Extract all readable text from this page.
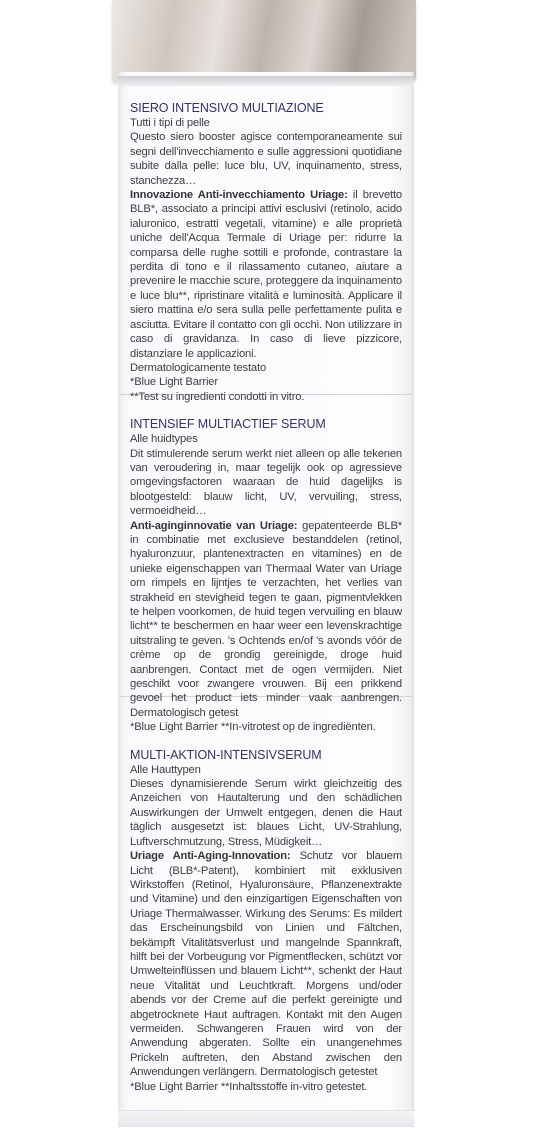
SIERO INTENSIVO MULTIAZIONE

Tutti i tipi di pelle

Questo siero booster agisce contemporaneamente sui segni dell'invecchiamento e sulle aggressioni quotidiane subite dalla pelle: luce blu, UV, inquinamento, stress, stanchezza…

Innovazione Anti-invecchiamento Uriage: il brevetto BLB*, associato a principi attivi esclusivi (retinolo, acido ialuronico, estratti vegetali, vitamine) e alle proprietà uniche dell'Acqua Termale di Uriage per: ridurre la comparsa delle rughe sottili e profonde, contrastare la perdita di tono e il rilassamento cutaneo, aiutare a prevenire le macchie scure, proteggere da inquinamento e luce blu**, ripristinare vitalità e luminosità. Applicare il siero mattina e/o sera sulla pelle perfettamente pulita e asciutta. Evitare il contatto con gli occhi. Non utilizzare in caso di gravidanza. In caso di lieve pizzicore, distanziare le applicazioni.

Dermatologicamente testato

*Blue Light Barrier

**Test su ingredienti condotti in vitro.

INTENSIEF MULTIACTIEF SERUM

Alle huidtypes

Dit stimulerende serum werkt niet alleen op alle tekenen van veroudering in, maar tegelijk ook op agressieve omgevingsfactoren waaraan de huid dagelijks is blootgesteld: blauw licht, UV, vervuiling, stress, vermoeidheid…

Anti-aginginnovatie van Uriage: gepatenteerde BLB* in combinatie met exclusieve bestanddelen (retinol, hyaluronzuur, plantenextracten en vitamines) en de unieke eigenschappen van Thermaal Water van Uriage om rimpels en lijntjes te verzachten, het verlies van strakheid en stevigheid tegen te gaan, pigmentvlekken te helpen voorkomen, de huid tegen vervuiling en blauw licht** te beschermen en haar weer een levenskrachtige uitstraling te geven. 's Ochtends en/of 's avonds vóór de crème op de grondig gereinigde, droge huid aanbrengen. Contact met de ogen vermijden. Niet geschikt voor zwangere vrouwen. Bij een prikkend gevoel het product iets minder vaak aanbrengen. Dermatologisch getest

*Blue Light Barrier **In-vitrotest op de ingrediënten.

MULTI-AKTION-INTENSIVSERUM

Alle Hauttypen

Dieses dynamisierende Serum wirkt gleichzeitig des Anzeichen von Hautalterung und den schädlichen Auswirkungen der Umwelt entgegen, denen die Haut täglich ausgesetzt ist: blaues Licht, UV-Strahlung, Luftverschmutzung, Stress, Müdigkeit…

Uriage Anti-Aging-Innovation: Schutz vor blauem Licht (BLB*-Patent), kombiniert mit exklusiven Wirkstoffen (Retinol, Hyaluronsäure, Pflanzenextrakte und Vitamine) und den einzigartigen Eigenschaften von Uriage Thermalwasser. Wirkung des Serums: Es mildert das Erscheinungsbild von Linien und Fältchen, bekämpft Vitalitätsverlust und mangelnde Spannkraft, hilft bei der Vorbeugung vor Pigmentflecken, schützt vor Umwelteinflüssen und blauem Licht**, schenkt der Haut neue Vitalität und Leuchtkraft. Morgens und/oder abends vor der Creme auf die perfekt gereinigte und abgetrocknete Haut auftragen. Kontakt mit den Augen vermeiden. Schwangeren Frauen wird von der Anwendung abgeraten. Sollte ein unangenehmes Prickeln auftreten, den Abstand zwischen den Anwendungen verlängern. Dermatologisch getestet

*Blue Light Barrier **Inhaltsstoffe in-vitro getestet.
